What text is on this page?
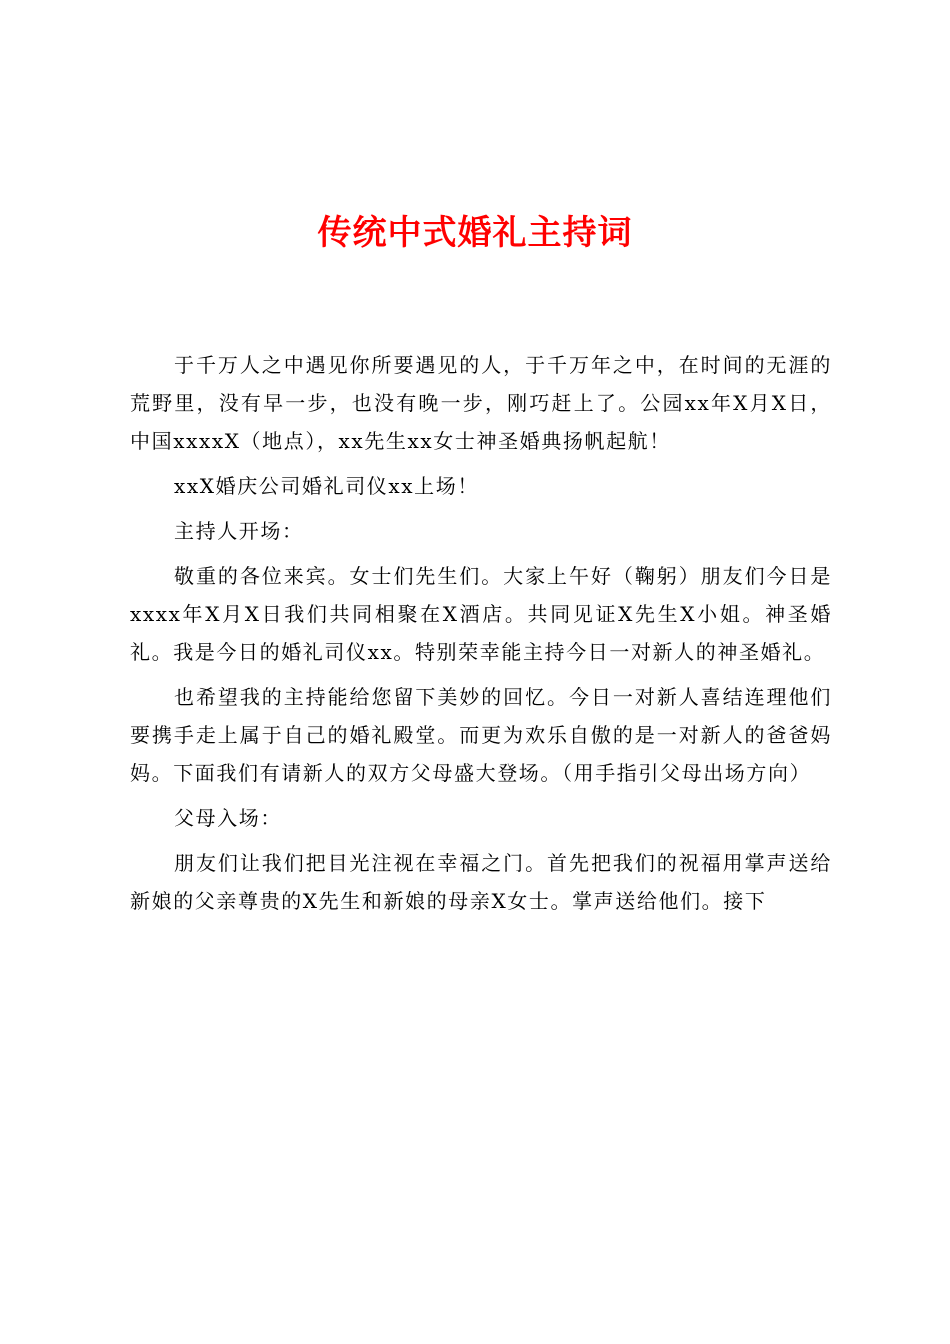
传统中式婚礼主持词

于千万人之中遇见你所要遇见的人，于千万年之中，在时间的无涯的荒野里，没有早一步，也没有晚一步，刚巧赶上了。公园xx年X月X日，中国xxxxX（地点），xx先生xx女士神圣婚典扬帆起航！

xxX婚庆公司婚礼司仪xx上场！

主持人开场：

敬重的各位来宾。女士们先生们。大家上午好（鞠躬）朋友们今日是xxxx年X月X日我们共同相聚在X酒店。共同见证X先生X小姐。神圣婚礼。我是今日的婚礼司仪xx。特别荣幸能主持今日一对新人的神圣婚礼。

也希望我的主持能给您留下美妙的回忆。今日一对新人喜结连理他们要携手走上属于自己的婚礼殿堂。而更为欢乐自傲的是一对新人的爸爸妈妈。下面我们有请新人的双方父母盛大登场。（用手指引父母出场方向）

父母入场：

朋友们让我们把目光注视在幸福之门。首先把我们的祝福用掌声送给新娘的父亲尊贵的X先生和新娘的母亲X女士。掌声送给他们。接下
